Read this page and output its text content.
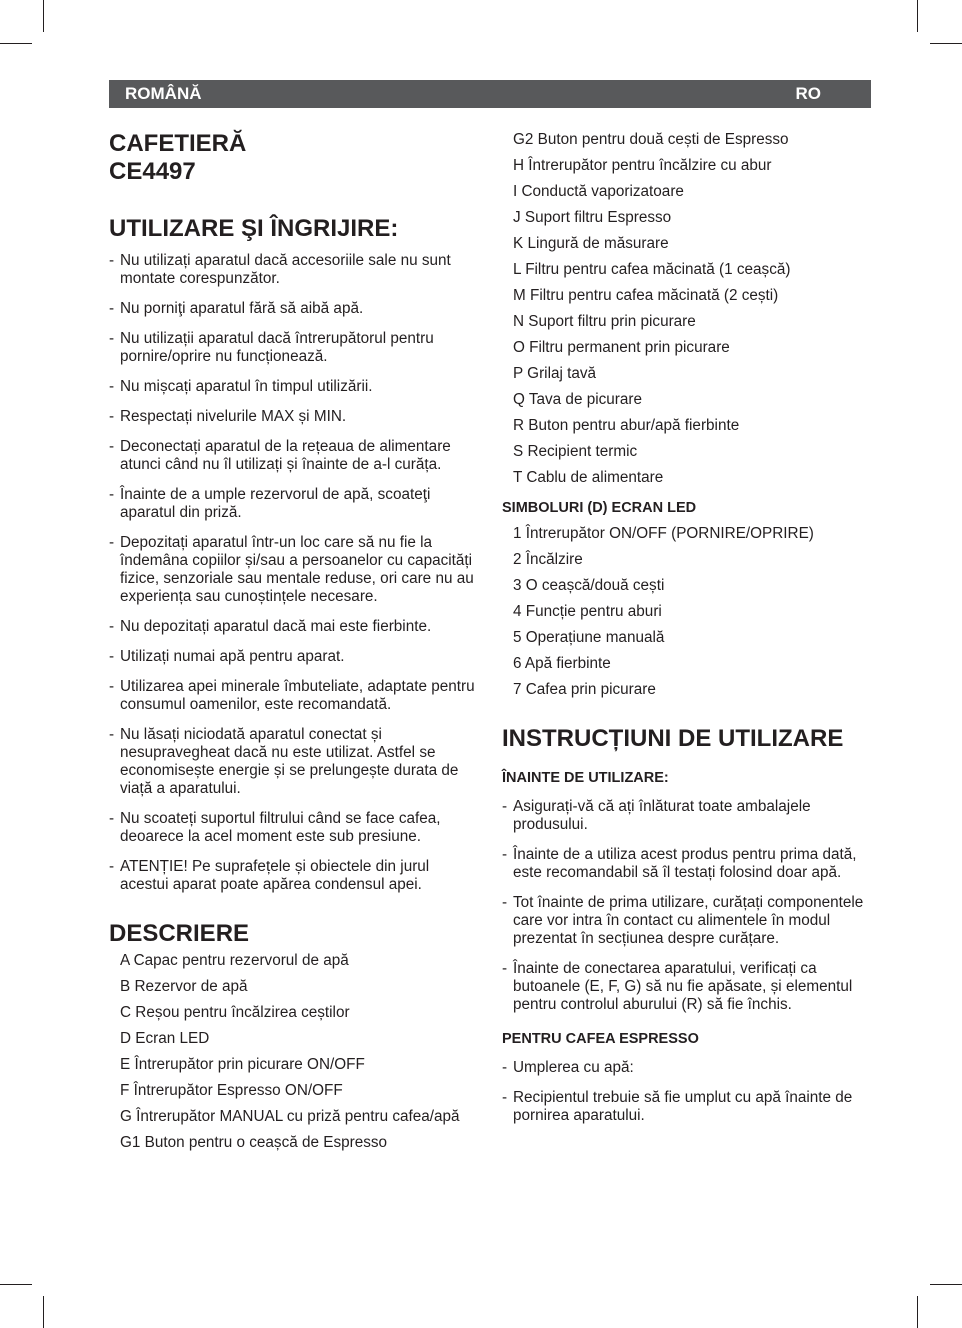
ROMÂNĂ	RO
CAFETIERĂ
CE4497
UTILIZARE ŞI ÎNGRIJIRE:
- Nu utilizați aparatul dacă accesoriile sale nu sunt montate corespunzător.
- Nu porniţi aparatul fără să aibă apă.
- Nu utilizații aparatul dacă întrerupătorul pentru pornire/oprire nu funcționează.
- Nu mișcați aparatul în timpul utilizării.
- Respectați nivelurile MAX și MIN.
- Deconectați aparatul de la rețeaua de alimentare atunci când nu îl utilizați și înainte de a-l curăța.
- Înainte de a umple rezervorul de apă, scoateţi aparatul din priză.
- Depozitați aparatul într-un loc care să nu fie la îndemâna copiilor și/sau a persoanelor cu capacități fizice, senzoriale sau mentale reduse, ori care nu au experiența sau cunoștințele necesare.
- Nu depozitați aparatul dacă mai este fierbinte.
- Utilizați numai apă pentru aparat.
- Utilizarea apei minerale îmbuteliate, adaptate pentru consumul oamenilor, este recomandată.
- Nu lăsați niciodată aparatul conectat și nesupravegheat dacă nu este utilizat. Astfel se economisește energie și se prelungește durata de viață a aparatului.
- Nu scoateți suportul filtrului când se face cafea, deoarece la acel moment este sub presiune.
- ATENȚIE! Pe suprafețele și obiectele din jurul acestui aparat poate apărea condensul apei.
DESCRIERE
A Capac pentru rezervorul de apă
B Rezervor de apă
C Reșou pentru încălzirea ceștilor
D Ecran LED
E Întrerupător prin picurare ON/OFF
F Întrerupător Espresso ON/OFF
G Întrerupător MANUAL cu priză pentru cafea/apă
G1 Buton pentru o ceașcă de Espresso
G2 Buton pentru două cești de Espresso
H Întrerupător pentru încălzire cu abur
I Conductă vaporizatoare
J Suport filtru Espresso
K Lingură de măsurare
L Filtru pentru cafea măcinată (1 ceașcă)
M Filtru pentru cafea măcinată (2 cești)
N Suport filtru prin picurare
O Filtru permanent prin picurare
P Grilaj tavă
Q Tava de picurare
R Buton pentru abur/apă fierbinte
S Recipient termic
T Cablu de alimentare
SIMBOLURI (D) ECRAN LED
1 Întrerupător ON/OFF (PORNIRE/OPRIRE)
2 Încălzire
3 O ceașcă/două cești
4 Funcție pentru aburi
5 Operațiune manuală
6 Apă fierbinte
7 Cafea prin picurare
INSTRUCȚIUNI DE UTILIZARE
ÎNAINTE DE UTILIZARE:
- Asigurați-vă că ați înlăturat toate ambalajele produsului.
- Înainte de a utiliza acest produs pentru prima dată, este recomandabil să îl testați folosind doar apă.
- Tot înainte de prima utilizare, curățați componentele care vor intra în contact cu alimentele în modul prezentat în secțiunea despre curățare.
- Înainte de conectarea aparatului, verificați ca butoanele (E, F, G) să nu fie apăsate, și elementul pentru controlul aburului (R) să fie închis.
PENTRU CAFEA ESPRESSO
- Umplerea cu apă:
- Recipientul trebuie să fie umplut cu apă înainte de pornirea aparatului.
